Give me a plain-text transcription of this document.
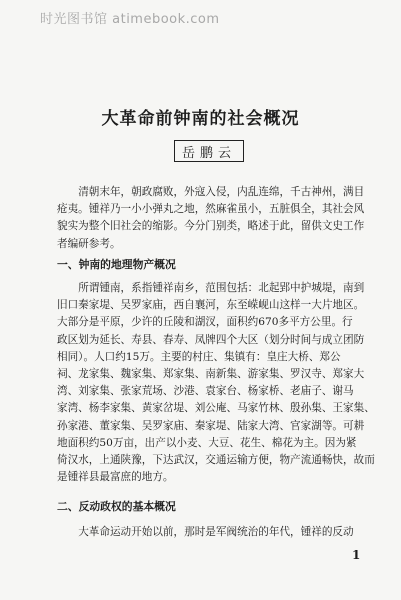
时光图书馆 atimebook.com
大革命前钟南的社会概况
岳鹏云
清朝末年，朝政腐败，外寇入侵，内乱连绵，千古神州，满目
疮夷。锺祥乃一小小弹丸之地，然麻雀虽小，五脏俱全，其社会风
貌实为整个旧社会的缩影。今分门别类，略述于此，留供文史工作
者编研参考。
一、钟南的地理物产概况
所谓锺南，系指锺祥南乡，范围包括：北起郢中护城堤，南到
旧口秦家堤、吴罗家庙，西自襄河，东至嵘岘山这样一大片地区。
大部分是平原，少许的丘陵和湖汊，面积约670多平方公里。行
政区划为延长、寿县、春寿、凤牌四个大区（划分时间与成立团防
相同）。人口约15万。主要的村庄、集镇有：皇庄大桥、郑公
祠、龙家集、魏家集、郑家集、南新集、游家集、罗汉寺、郑家大
湾、刘家集、张家荒场、沙港、袁家台、杨家桥、老庙子、谢马
家湾、杨李家集、黄家岔堤、刘公庵、马家竹林、殷孙集、王家集、
孙家港、董家集、吴罗家庙、秦家堤、陆家大湾、官家湖等。可耕
地面积约50万亩，出产以小麦、大豆、花生、棉花为主。因为紧
倚汉水，上通陕豫，下达武汉，交通运输方便，物产流通畅快，故而
是锺祥县最富庶的地方。
二、反动政权的基本概况
大革命运动开始以前，那时是军阀统治的年代，锺祥的反动
1
